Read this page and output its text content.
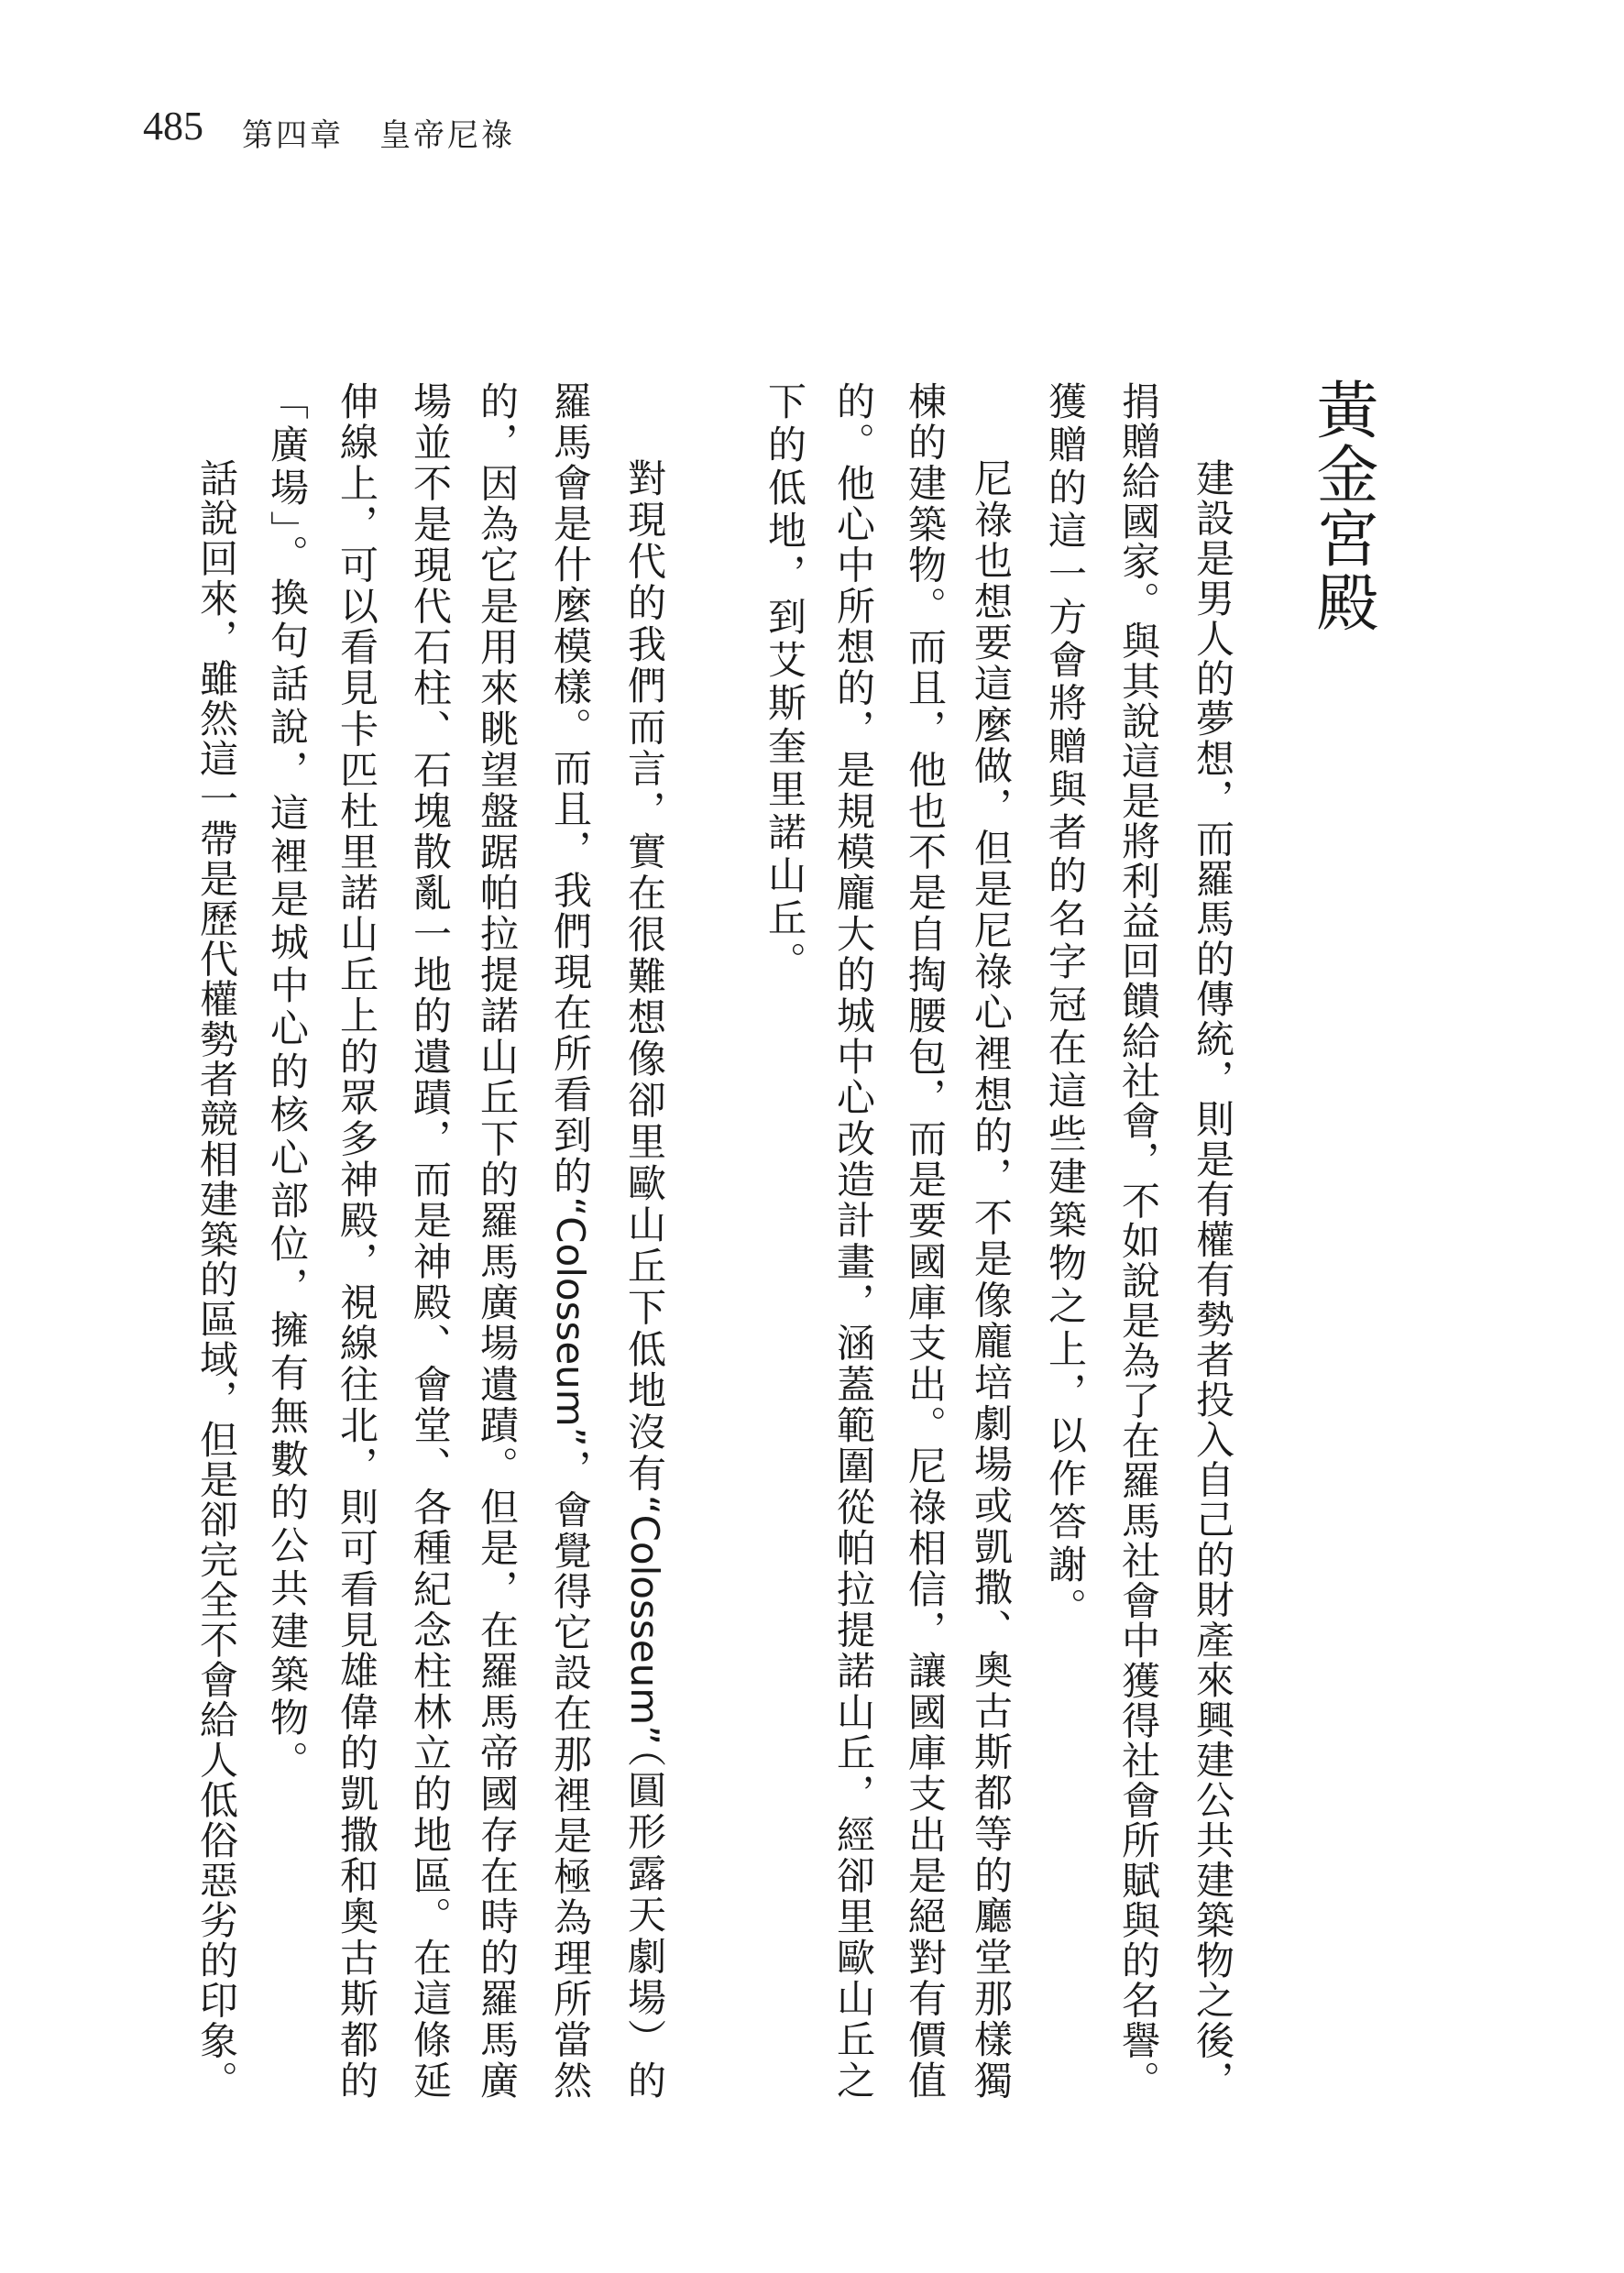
485 第四章 皇帝尼祿
黃金宮殿
建設是男人的夢想，而羅馬的傳統，則是有權有勢者投入自己的財產來興建公共建築物之後，
捐贈給國家。與其說這是將利益回饋給社會，不如說是為了在羅馬社會中獲得社會所賦與的名譽。
獲贈的這一方會將贈與者的名字冠在這些建築物之上，以作答謝。
尼祿也想要這麼做，但是尼祿心裡想的，不是像龐培劇場或凱撒、奧古斯都等的廳堂那樣獨
棟的建築物。而且，他也不是自掏腰包，而是要國庫支出。尼祿相信，讓國庫支出是絕對有價值
的。他心中所想的，是規模龐大的城中心改造計畫，涵蓋範圍從帕拉提諾山丘，經卻里歐山丘之
下的低地，到艾斯奎里諾山丘。
對現代的我們而言，實在很難想像卻里歐山丘下低地沒有“Colosseum”（圓形露天劇場）的
羅馬會是什麼模樣。而且，我們現在所看到的“Colosseum”，會覺得它設在那裡是極為理所當然
的，因為它是用來眺望盤踞帕拉提諾山丘下的羅馬廣場遺蹟。但是，在羅馬帝國存在時的羅馬廣
場並不是現代石柱、石塊散亂一地的遺蹟，而是神殿、會堂、各種紀念柱林立的地區。在這條延
伸線上，可以看見卡匹杜里諾山丘上的眾多神殿，視線往北，則可看見雄偉的凱撒和奧古斯都的
「廣場」。換句話說，這裡是城中心的核心部位，擁有無數的公共建築物。
話說回來，雖然這一帶是歷代權勢者競相建築的區域，但是卻完全不會給人低俗惡劣的印象。
